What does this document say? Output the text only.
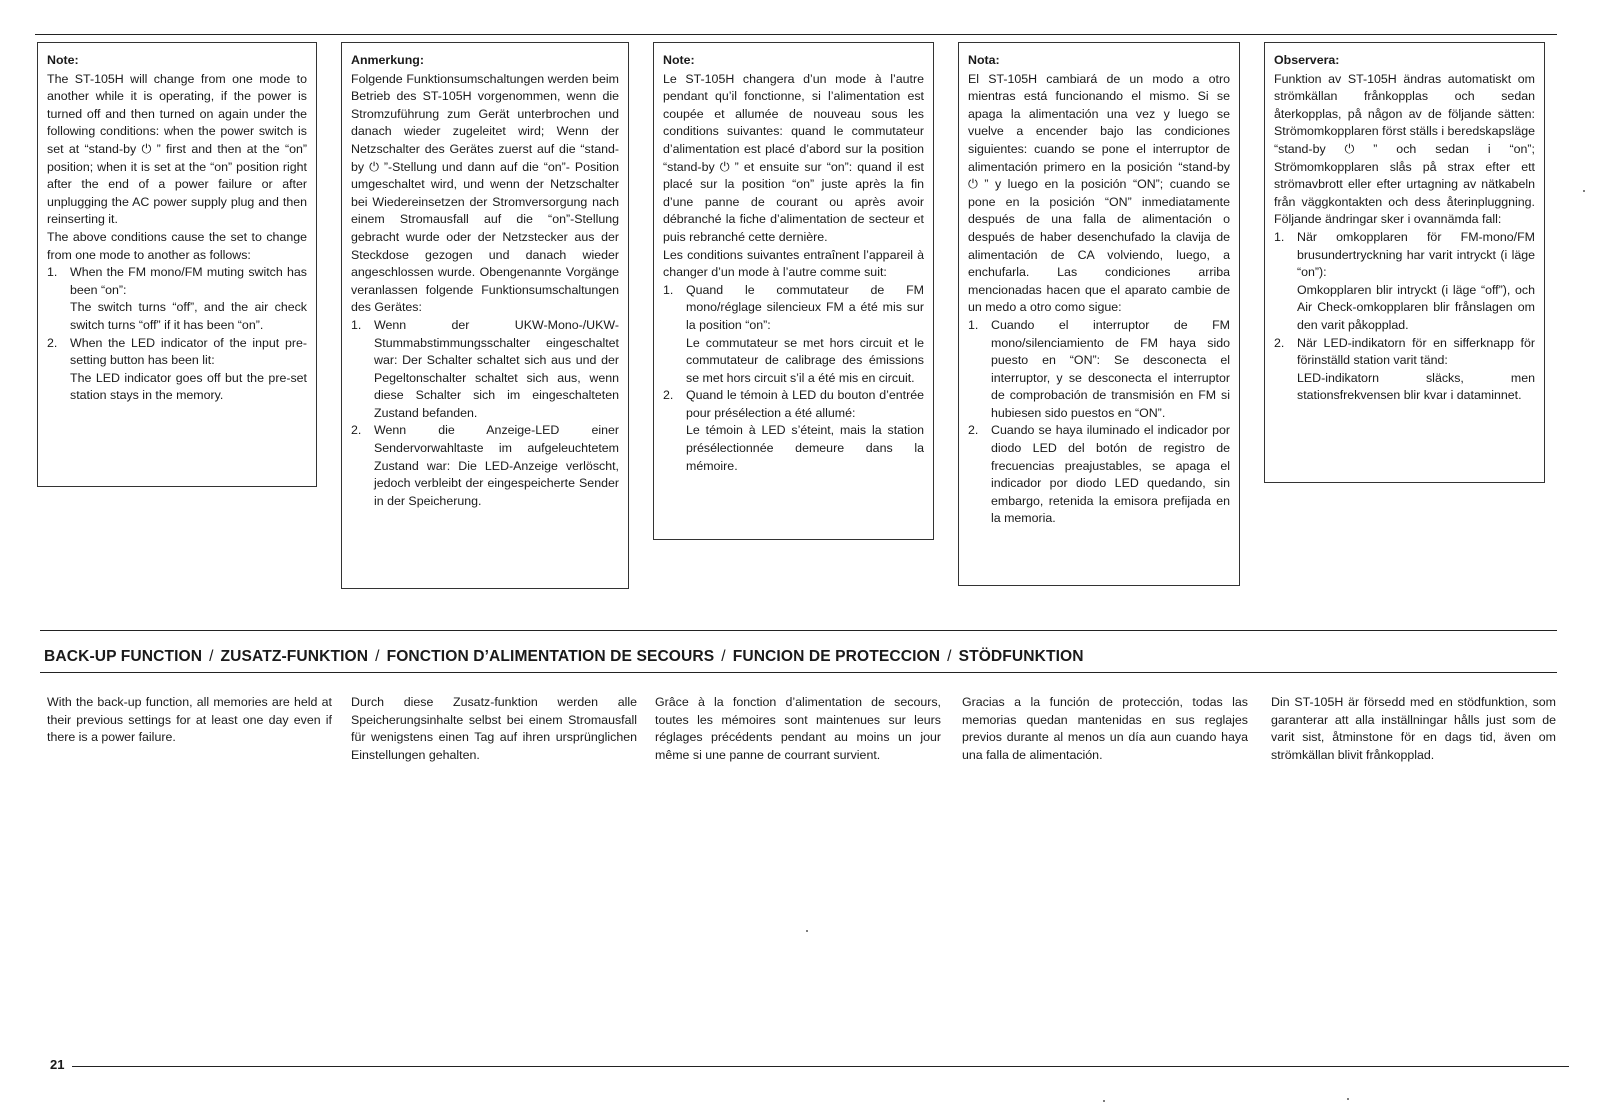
Note:

The ST-105H will change from one mode to another while it is operating, if the power is turned off and then turned on again under the following conditions: when the power switch is set at “stand-by ⏻ ” first and then at the “on” position; when it is set at the “on” position right after the end of a power failure or after unplugging the AC power supply plug and then reinserting it.

The above conditions cause the set to change from one mode to another as follows:

1. When the FM mono/FM muting switch has been “on”:
The switch turns “off”, and the air check switch turns “off” if it has been “on”.
2. When the LED indicator of the input pre-setting button has been lit:
The LED indicator goes off but the pre-set station stays in the memory.
Anmerkung:

Folgende Funktionsumschaltungen werden beim Betrieb des ST-105H vorgenommen, wenn die Stromzuführung zum Gerät unterbrochen und danach wieder zugeleitet wird; Wenn der Netzschalter des Gerätes zuerst auf die “stand-by ⏻ ”-Stellung und dann auf die “on”- Position umgeschaltet wird, und wenn der Netzschalter bei Wiedereinsetzen der Stromversorgung nach einem Stromausfall auf die “on”-Stellung gebracht wurde oder der Netzstecker aus der Steckdose gezogen und danach wieder angeschlossen wurde. Obengenannte Vorgänge veranlassen folgende Funktionsumschaltungen des Gerätes:

1. Wenn der UKW-Mono-/UKW-Stummabstimmungsschalter eingeschaltet war: Der Schalter schaltet sich aus und der Pegeltonschalter schaltet sich aus, wenn diese Schalter sich im eingeschalteten Zustand befanden.
2. Wenn die Anzeige-LED einer Sendervorwahltaste im aufgeleuchtetem Zustand war: Die LED-Anzeige verlöscht, jedoch verbleibt der eingespeicherte Sender in der Speicherung.
Note:

Le ST-105H changera d’un mode à l’autre pendant qu’il fonctionne, si l’alimentation est coupée et allumée de nouveau sous les conditions suivantes: quand le commutateur d’alimentation est placé d’abord sur la position “stand-by ⏻ ” et ensuite sur “on”: quand il est placé sur la position “on” juste après la fin d’une panne de courant ou après avoir débranché la fiche d’alimentation de secteur et puis rebranché cette dernière.

Les conditions suivantes entraînent l’appareil à changer d’un mode à l’autre comme suit:

1. Quand le commutateur de FM mono/réglage silencieux FM a été mis sur la position “on”:
Le commutateur se met hors circuit et le commutateur de calibrage des émissions se met hors circuit s’il a été mis en circuit.
2. Quand le témoin à LED du bouton d’entrée pour présélection a été allumé:
Le témoin à LED s’éteint, mais la station présélectionnée demeure dans la mémoire.
Nota:

El ST-105H cambiará de un modo a otro mientras está funcionando el mismo. Si se apaga la alimentación una vez y luego se vuelve a encender bajo las condiciones siguientes: cuando se pone el interruptor de alimentación primero en la posición “stand-by ⏻ ” y luego en la posición “ON”; cuando se pone en la posición “ON” inmediatamente después de una falla de alimentación o después de haber desenchufado la clavija de alimentación de CA volviendo, luego, a enchufarla. Las condiciones arriba mencionadas hacen que el aparato cambie de un medo a otro como sigue:

1. Cuando el interruptor de FM mono/silenciamiento de FM haya sido puesto en “ON”: Se desconecta el interruptor, y se desconecta el interruptor de comprobación de transmisión en FM si hubiesen sido puestos en “ON”.
2. Cuando se haya iluminado el indicador por diodo LED del botón de registro de frecuencias preajustables, se apaga el indicador por diodo LED quedando, sin embargo, retenida la emisora prefijada en la memoria.
Observera:

Funktion av ST-105H ändras automatiskt om strömkällan frånkopplas och sedan återkopplas, på någon av de följande sätten: Strömomkopplaren först ställs i beredskapsläge “stand-by ⏻ ” och sedan i “on”; Strömomkopplaren slås på strax efter ett strömavbrott eller efter urtagning av nätkabeln från väggkontakten och dess återinpluggning. Följande ändringar sker i ovannämda fall:

1. När omkopplaren för FM-mono/FM brusundertryckning har varit intryckt (i läge “on”):
Omkopplaren blir intryckt (i läge “off”), och Air Check-omkopplaren blir frånslagen om den varit påkopplad.
2. När LED-indikatorn för en sifferknapp för förinställd station varit tänd:
LED-indikatorn släcks, men stationsfrekvensen blir kvar i dataminnet.
BACK-UP FUNCTION / ZUSATZ-FUNKTION / FONCTION D’ALIMENTATION DE SECOURS / FUNCION DE PROTECCION / STÖDFUNKTION

With the back-up function, all memories are held at their previous settings for at least one day even if there is a power failure.

Durch diese Zusatz-funktion werden alle Speicherungsinhalte selbst bei einem Stromausfall für wenigstens einen Tag auf ihren ursprünglichen Einstellungen gehalten.

Grâce à la fonction d’alimentation de secours, toutes les mémoires sont maintenues sur leurs réglages précédents pendant au moins un jour même si une panne de courrant survient.

Gracias a la función de protección, todas las memorias quedan mantenidas en sus reglajes previos durante al menos un día aun cuando haya una falla de alimentación.

Din ST-105H är försedd med en stödfunktion, som garanterar att alla inställningar hålls just som de varit sist, åtminstone för en dags tid, även om strömkällan blivit frånkopplad.

21
